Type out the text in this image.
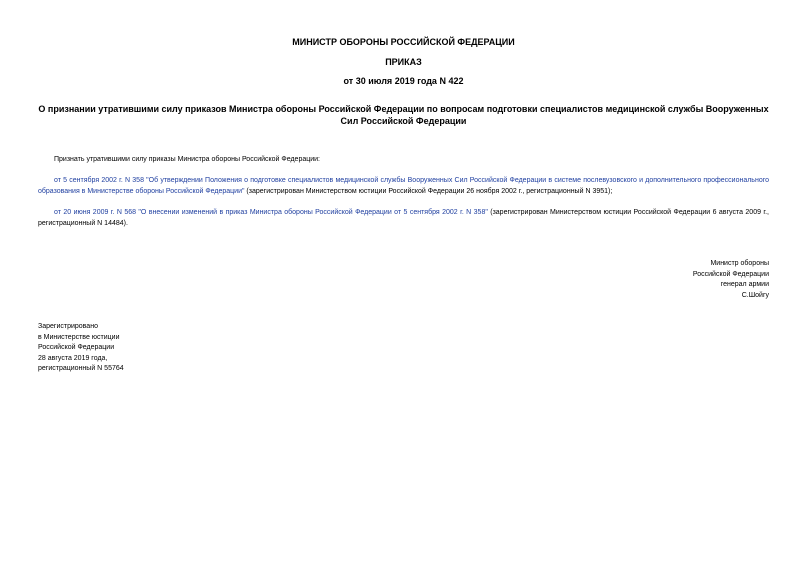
МИНИСТР ОБОРОНЫ РОССИЙСКОЙ ФЕДЕРАЦИИ
ПРИКАЗ
от 30 июля 2019 года N 422
О признании утратившими силу приказов Министра обороны Российской Федерации по вопросам подготовки специалистов медицинской службы Вооруженных Сил Российской Федерации
Признать утратившими силу приказы Министра обороны Российской Федерации:
от 5 сентября 2002 г. N 358 "Об утверждении Положения о подготовке специалистов медицинской службы Вооруженных Сил Российской Федерации в системе послевузовского и дополнительного профессионального образования в Министерстве обороны Российской Федерации" (зарегистрирован Министерством юстиции Российской Федерации 26 ноября 2002 г., регистрационный N 3951);
от 20 июня 2009 г. N 568 "О внесении изменений в приказ Министра обороны Российской Федерации от 5 сентября 2002 г. N 358" (зарегистрирован Министерством юстиции Российской Федерации 6 августа 2009 г., регистрационный N 14484).
Министр обороны
Российской Федерации
генерал армии
С.Шойгу
Зарегистрировано
в Министерстве юстиции
Российской Федерации
28 августа 2019 года,
регистрационный N 55764
